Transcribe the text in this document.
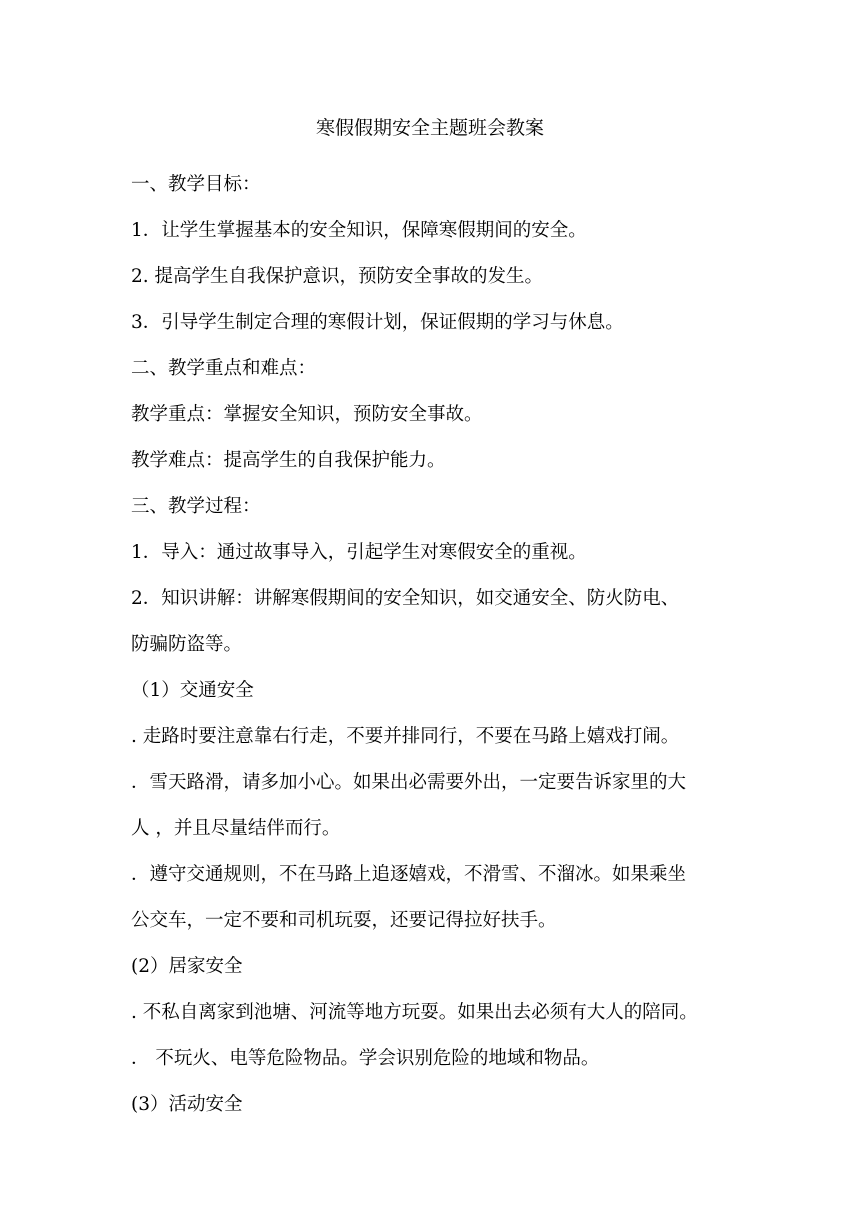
寒假假期安全主题班会教案
一、教学目标：
1．让学生掌握基本的安全知识，保障寒假期间的安全。
2. 提高学生自我保护意识，预防安全事故的发生。
3．引导学生制定合理的寒假计划，保证假期的学习与休息。
二、教学重点和难点：
教学重点：掌握安全知识，预防安全事故。
教学难点：提高学生的自我保护能力。
三、教学过程：
1．导入：通过故事导入，引起学生对寒假安全的重视。
2．知识讲解：讲解寒假期间的安全知识，如交通安全、防火防电、
防骗防盗等。
（1）交通安全
. 走路时要注意靠右行走，不要并排同行，不要在马路上嬉戏打闹。
．雪天路滑，请多加小心。如果出必需要外出，一定要告诉家里的大
人 ，并且尽量结伴而行。
．遵守交通规则，不在马路上追逐嬉戏，不滑雪、不溜冰。如果乘坐
公交车，一定不要和司机玩耍，还要记得拉好扶手。
(2）居家安全
. 不私自离家到池塘、河流等地方玩耍。如果出去必须有大人的陪同。
． 不玩火、电等危险物品。学会识别危险的地域和物品。
(3）活动安全
